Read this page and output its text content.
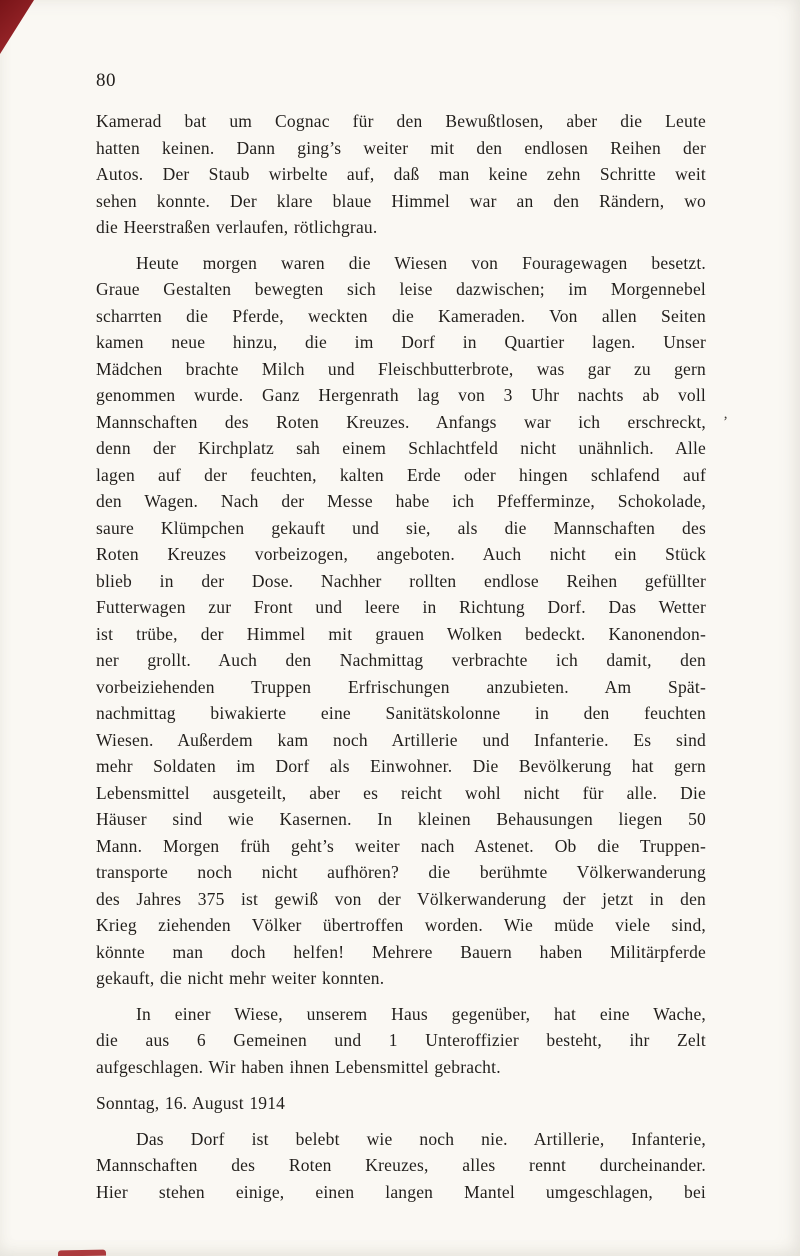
’
80
Kamerad bat um Cognac für den Bewußtlosen, aber die Leute
hatten keinen. Dann ging’s weiter mit den endlosen Reihen der
Autos. Der Staub wirbelte auf, daß man keine zehn Schritte weit
sehen konnte. Der klare blaue Himmel war an den Rändern, wo
die Heerstraßen verlaufen, rötlichgrau.
Heute morgen waren die Wiesen von Fouragewagen besetzt.
Graue Gestalten bewegten sich leise dazwischen; im Morgennebel
scharrten die Pferde, weckten die Kameraden. Von allen Seiten
kamen neue hinzu, die im Dorf in Quartier lagen. Unser
Mädchen brachte Milch und Fleischbutterbrote, was gar zu gern
genommen wurde. Ganz Hergenrath lag von 3 Uhr nachts ab voll
Mannschaften des Roten Kreuzes. Anfangs war ich erschreckt,
denn der Kirchplatz sah einem Schlachtfeld nicht unähnlich. Alle
lagen auf der feuchten, kalten Erde oder hingen schlafend auf
den Wagen. Nach der Messe habe ich Pfefferminze, Schokolade,
saure Klümpchen gekauft und sie, als die Mannschaften des
Roten Kreuzes vorbeizogen, angeboten. Auch nicht ein Stück
blieb in der Dose. Nachher rollten endlose Reihen gefüllter
Futterwagen zur Front und leere in Richtung Dorf. Das Wetter
ist trübe, der Himmel mit grauen Wolken bedeckt. Kanonendon-
ner grollt. Auch den Nachmittag verbrachte ich damit, den
vorbeiziehenden Truppen Erfrischungen anzubieten. Am Spät-
nachmittag biwakierte eine Sanitätskolonne in den feuchten
Wiesen. Außerdem kam noch Artillerie und Infanterie. Es sind
mehr Soldaten im Dorf als Einwohner. Die Bevölkerung hat gern
Lebensmittel ausgeteilt, aber es reicht wohl nicht für alle. Die
Häuser sind wie Kasernen. In kleinen Behausungen liegen 50
Mann. Morgen früh geht’s weiter nach Astenet. Ob die Truppen-
transporte noch nicht aufhören? die berühmte Völkerwanderung
des Jahres 375 ist gewiß von der Völkerwanderung der jetzt in den
Krieg ziehenden Völker übertroffen worden. Wie müde viele sind,
könnte man doch helfen! Mehrere Bauern haben Militärpferde
gekauft, die nicht mehr weiter konnten.
In einer Wiese, unserem Haus gegenüber, hat eine Wache,
die aus 6 Gemeinen und 1 Unteroffizier besteht, ihr Zelt
aufgeschlagen. Wir haben ihnen Lebensmittel gebracht.
Sonntag, 16. August 1914
Das Dorf ist belebt wie noch nie. Artillerie, Infanterie,
Mannschaften des Roten Kreuzes, alles rennt durcheinander.
Hier stehen einige, einen langen Mantel umgeschlagen, bei
